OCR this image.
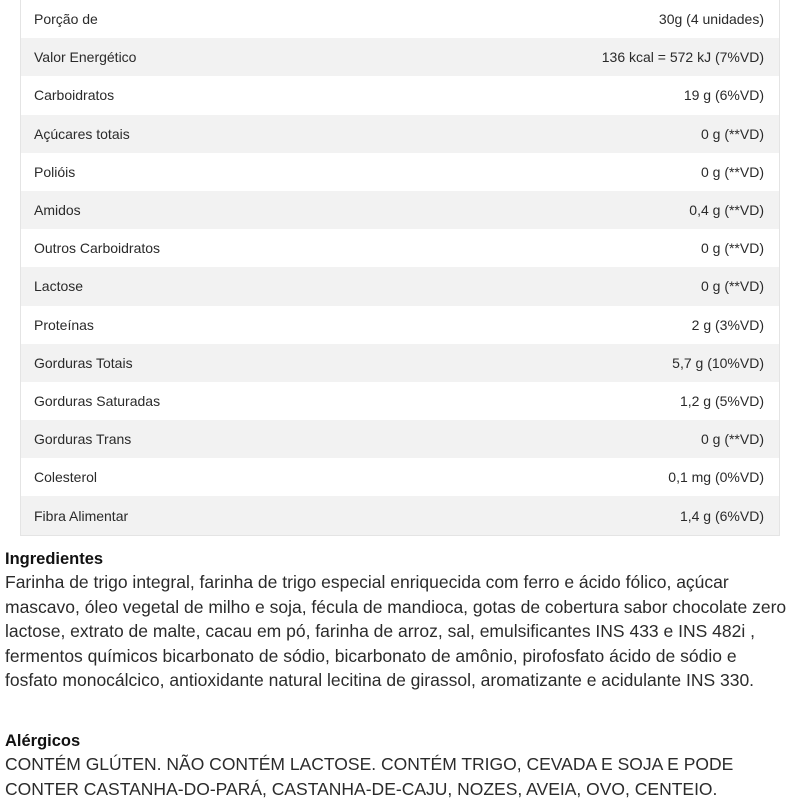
Porção de	30g (4 unidades)
Valor Energético	136 kcal = 572 kJ (7%VD)
Carboidratos	19 g (6%VD)
Açúcares totais	0 g (**VD)
Polióis	0 g (**VD)
Amidos	0,4 g (**VD)
Outros Carboidratos	0 g (**VD)
Lactose	0 g (**VD)
Proteínas	2 g (3%VD)
Gorduras Totais	5,7 g (10%VD)
Gorduras Saturadas	1,2 g (5%VD)
Gorduras Trans	0 g (**VD)
Colesterol	0,1 mg (0%VD)
Fibra Alimentar	1,4 g (6%VD)
Ingredientes

Farinha de trigo integral, farinha de trigo especial enriquecida com ferro e ácido fólico, açúcar mascavo, óleo vegetal de milho e soja, fécula de mandioca, gotas de cobertura sabor chocolate zero lactose, extrato de malte, cacau em pó, farinha de arroz, sal, emulsificantes INS 433 e INS 482i , fermentos químicos bicarbonato de sódio, bicarbonato de amônio, pirofosfato ácido de sódio e fosfato monocálcico, antioxidante natural lecitina de girassol, aromatizante e acidulante INS 330.

Alérgicos

CONTÉM GLÚTEN. NÃO CONTÉM LACTOSE. CONTÉM TRIGO, CEVADA E SOJA E PODE CONTER CASTANHA-DO-PARÁ, CASTANHA-DE-CAJU, NOZES, AVEIA, OVO, CENTEIO.
